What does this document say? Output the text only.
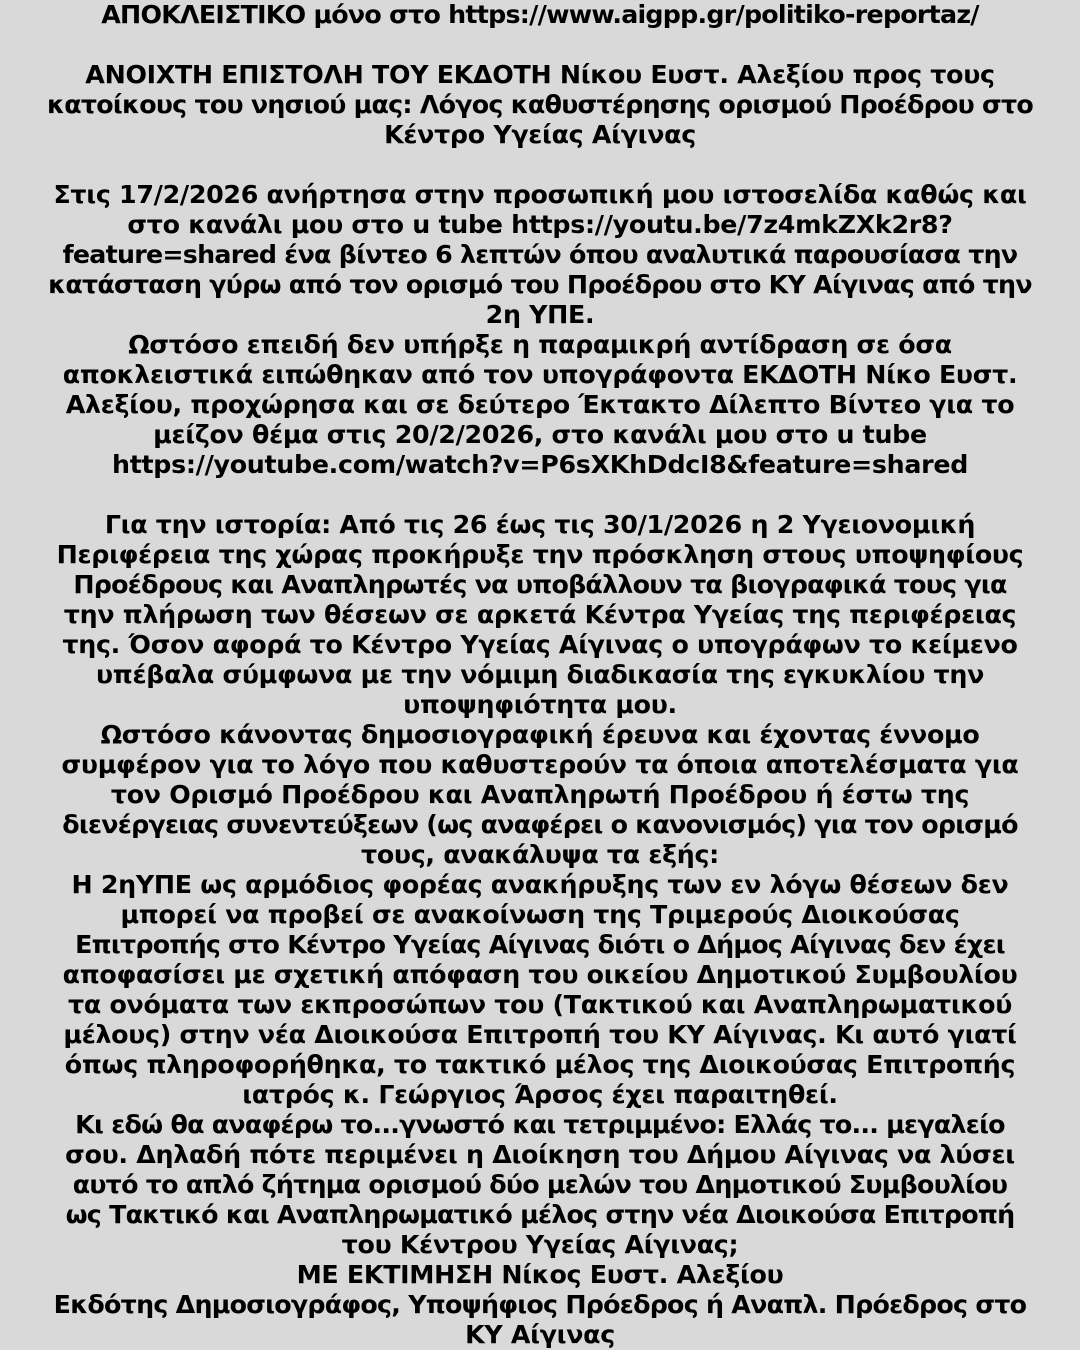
ΑΠΟΚΛΕΙΣΤΙΚΟ μόνο στο https://www.aigpp.gr/politiko-reportaz/
ΑΝΟΙΧΤΗ ΕΠΙΣΤΟΛΗ ΤΟΥ ΕΚΔΟΤΗ Νίκου Ευστ. Αλεξίου προς τους
κατοίκους του νησιού μας: Λόγος καθυστέρησης ορισμού Προέδρου στο
Κέντρο Υγείας Αίγινας
Στις 17/2/2026 ανήρτησα στην προσωπική μου ιστοσελίδα καθώς και
στο κανάλι μου στο u tube https://youtu.be/7z4mkZXk2r8?
feature=shared ένα βίντεο 6 λεπτών όπου αναλυτικά παρουσίασα την
κατάσταση γύρω από τον ορισμό του Προέδρου στο ΚΥ Αίγινας από την
2η ΥΠΕ.
Ωστόσο επειδή δεν υπήρξε η παραμικρή αντίδραση σε όσα
αποκλειστικά ειπώθηκαν από τον υπογράφοντα ΕΚΔΟΤΗ Νίκο Ευστ.
Αλεξίου, προχώρησα και σε δεύτερο Έκτακτο Δίλεπτο Βίντεο για το
μείζον θέμα στις 20/2/2026, στο κανάλι μου στο u tube
https://youtube.com/watch?v=P6sXKhDdcI8&feature=shared
Για την ιστορία: Από τις 26 έως τις 30/1/2026 η 2 Υγειονομική
Περιφέρεια της χώρας προκήρυξε την πρόσκληση στους υποψηφίους
Προέδρους και Αναπληρωτές να υποβάλλουν τα βιογραφικά τους για
την πλήρωση των θέσεων σε αρκετά Κέντρα Υγείας της περιφέρειας
της. Όσον αφορά το Κέντρο Υγείας Αίγινας ο υπογράφων το κείμενο
υπέβαλα σύμφωνα με την νόμιμη διαδικασία της εγκυκλίου την
υποψηφιότητα μου.
Ωστόσο κάνοντας δημοσιογραφική έρευνα και έχοντας έννομο
συμφέρον για το λόγο που καθυστερούν τα όποια αποτελέσματα για
τον Ορισμό Προέδρου και Αναπληρωτή Προέδρου ή έστω της
διενέργειας συνεντεύξεων (ως αναφέρει ο κανονισμός) για τον ορισμό
τους, ανακάλυψα τα εξής:
Η 2ηΥΠΕ ως αρμόδιος φορέας ανακήρυξης των εν λόγω θέσεων δεν
μπορεί να προβεί σε ανακοίνωση της Τριμερούς Διοικούσας
Επιτροπής στο Κέντρο Υγείας Αίγινας διότι ο Δήμος Αίγινας δεν έχει
αποφασίσει με σχετική απόφαση του οικείου Δημοτικού Συμβουλίου
τα ονόματα των εκπροσώπων του (Τακτικού και Αναπληρωματικού
μέλους) στην νέα Διοικούσα Επιτροπή του ΚΥ Αίγινας. Κι αυτό γιατί
όπως πληροφορήθηκα, το τακτικό μέλος της Διοικούσας Επιτροπής
ιατρός κ. Γεώργιος Άρσος έχει παραιτηθεί.
Κι εδώ θα αναφέρω το...γνωστό και τετριμμένο: Ελλάς το... μεγαλείο
σου. Δηλαδή πότε περιμένει η Διοίκηση του Δήμου Αίγινας να λύσει
αυτό το απλό ζήτημα ορισμού δύο μελών του Δημοτικού Συμβουλίου
ως Τακτικό και Αναπληρωματικό μέλος στην νέα Διοικούσα Επιτροπή
του Κέντρου Υγείας Αίγινας;
ΜΕ ΕΚΤΙΜΗΣΗ Νίκος Ευστ. Αλεξίου
Εκδότης Δημοσιογράφος, Υποψήφιος Πρόεδρος ή Αναπλ. Πρόεδρος στο
ΚΥ Αίγινας
